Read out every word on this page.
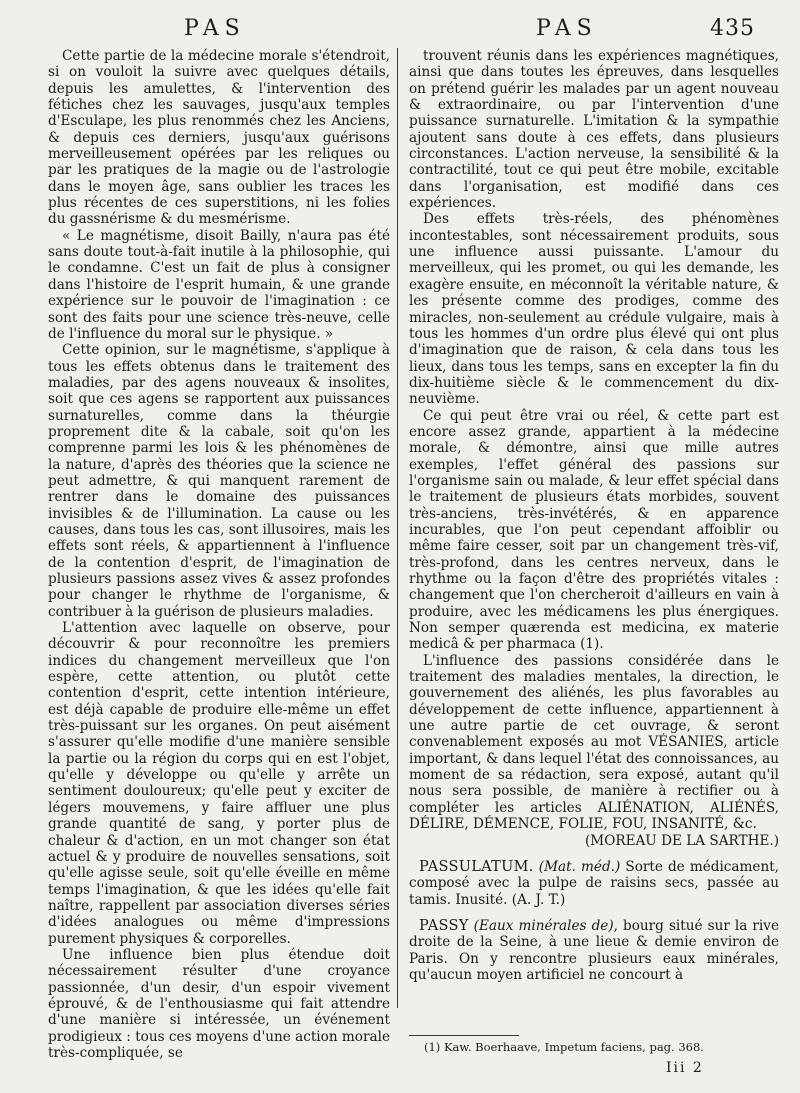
PAS	PAS	435

Cette partie de la médecine morale s'étendroit, si on vouloit la suivre avec quelques détails, depuis les amulettes, & l'intervention des fétiches chez les sauvages, jusqu'aux temples d'Esculape, les plus renommés chez les Anciens, & depuis ces derniers, jusqu'aux guérisons merveilleusement opérées par les reliques ou par les pratiques de la magie ou de l'astrologie dans le moyen âge, sans oublier les traces les plus récentes de ces superstitions, ni les folies du gassnérisme & du mesmérisme.

« Le magnétisme, disoit Bailly, n'aura pas été sans doute tout-à-fait inutile à la philosophie, qui le condamne. C'est un fait de plus à consigner dans l'histoire de l'esprit humain, & une grande expérience sur le pouvoir de l'imagination : ce sont des faits pour une science très-neuve, celle de l'influence du moral sur le physique. »

Cette opinion, sur le magnétisme, s'applique à tous les effets obtenus dans le traitement des maladies, par des agens nouveaux & insolites, soit que ces agens se rapportent aux puissances surnaturelles, comme dans la théurgie proprement dite & la cabale, soit qu'on les comprenne parmi les lois & les phénomènes de la nature, d'après des théories que la science ne peut admettre, & qui manquent rarement de rentrer dans le domaine des puissances invisibles & de l'illumination. La cause ou les causes, dans tous les cas, sont illusoires, mais les effets sont réels, & appartiennent à l'influence de la contention d'esprit, de l'imagination de plusieurs passions assez vives & assez profondes pour changer le rhythme de l'organisme, & contribuer à la guérison de plusieurs maladies.

L'attention avec laquelle on observe, pour découvrir & pour reconnoître les premiers indices du changement merveilleux que l'on espère, cette attention, ou plutôt cette contention d'esprit, cette intention intérieure, est déjà capable de produire elle-même un effet très-puissant sur les organes. On peut aisément s'assurer qu'elle modifie d'une manière sensible la partie ou la région du corps qui en est l'objet, qu'elle y développe ou qu'elle y arrête un sentiment douloureux; qu'elle peut y exciter de légers mouvemens, y faire affluer une plus grande quantité de sang, y porter plus de chaleur & d'action, en un mot changer son état actuel & y produire de nouvelles sensations, soit qu'elle agisse seule, soit qu'elle éveille en même temps l'imagination, & que les idées qu'elle fait naître, rappellent par association diverses séries d'idées analogues ou même d'impressions purement physiques & corporelles.

Une influence bien plus étendue doit nécessairement résulter d'une croyance passionnée, d'un desir, d'un espoir vivement éprouvé, & de l'enthousiasme qui fait attendre d'une manière si intéressée, un événement prodigieux : tous ces moyens d'une action morale très-compliquée, se

trouvent réunis dans les expériences magnétiques, ainsi que dans toutes les épreuves, dans lesquelles on prétend guérir les malades par un agent nouveau & extraordinaire, ou par l'intervention d'une puissance surnaturelle. L'imitation & la sympathie ajoutent sans doute à ces effets, dans plusieurs circonstances. L'action nerveuse, la sensibilité & la contractilité, tout ce qui peut être mobile, excitable dans l'organisation, est modifié dans ces expériences.

Des effets très-réels, des phénomènes incontestables, sont nécessairement produits, sous une influence aussi puissante. L'amour du merveilleux, qui les promet, ou qui les demande, les exagère ensuite, en méconnoît la véritable nature, & les présente comme des prodiges, comme des miracles, non-seulement au crédule vulgaire, mais à tous les hommes d'un ordre plus élevé qui ont plus d'imagination que de raison, & cela dans tous les lieux, dans tous les temps, sans en excepter la fin du dix-huitième siècle & le commencement du dix-neuvième.

Ce qui peut être vrai ou réel, & cette part est encore assez grande, appartient à la médecine morale, & démontre, ainsi que mille autres exemples, l'effet général des passions sur l'organisme sain ou malade, & leur effet spécial dans le traitement de plusieurs états morbides, souvent très-anciens, très-invétérés, & en apparence incurables, que l'on peut cependant affoiblir ou même faire cesser, soit par un changement très-vif, très-profond, dans les centres nerveux, dans le rhythme ou la façon d'être des propriétés vitales : changement que l'on chercheroit d'ailleurs en vain à produire, avec les médicamens les plus énergiques. Non semper quærenda est medicina, ex materie medicâ & per pharmaca (1).

L'influence des passions considérée dans le traitement des maladies mentales, la direction, le gouvernement des aliénés, les plus favorables au développement de cette influence, appartiennent à une autre partie de cet ouvrage, & seront convenablement exposés au mot VÉSANIES, article important, & dans lequel l'état des connoissances, au moment de sa rédaction, sera exposé, autant qu'il nous sera possible, de manière à rectifier ou à compléter les articles ALIÉNATION, ALIÉNÉS, DÉLIRE, DÉMENCE, FOLIE, FOU, INSANITÉ, &c.

(MOREAU DE LA SARTHE.)

PASSULATUM. (Mat. méd.) Sorte de médicament, composé avec la pulpe de raisins secs, passée au tamis. Inusité. (A. J. T.)

PASSY (Eaux minérales de), bourg situé sur la rive droite de la Seine, à une lieue & demie environ de Paris. On y rencontre plusieurs eaux minérales, qu'aucun moyen artificiel ne concourt à

(1) Kaw. Boerhaave, Impetum faciens, pag. 368.
Iii 2
